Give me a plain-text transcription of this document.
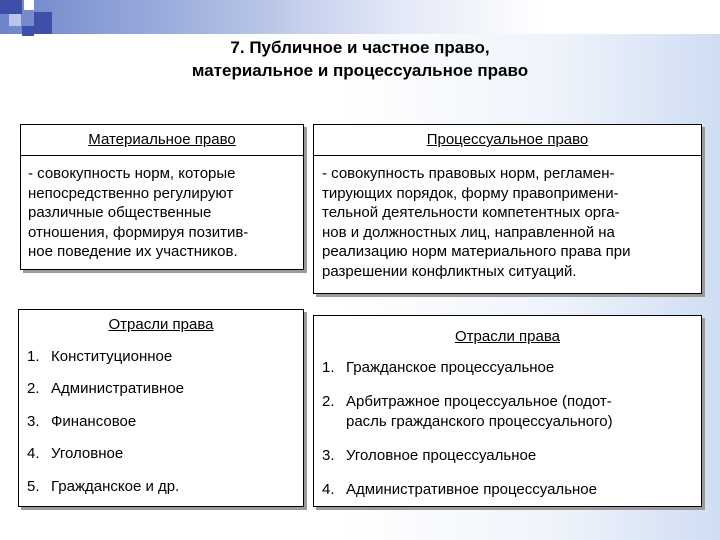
7. Публичное и частное право,
материальное и процессуальное право
Материальное право
- совокупность норм, которые
непосредственно регулируют
различные общественные
отношения, формируя позитив-
ное поведение их участников.
Процессуальное право
- совокупность правовых норм, регламен-
тирующих порядок, форму правопримени-
тельной деятельности компетентных орга-
нов и должностных лиц, направленной на
реализацию норм материального права при
разрешении конфликтных ситуаций.
Отрасли права
1. Конституционное
2. Административное
3. Финансовое
4. Уголовное
5. Гражданское и др.
Отрасли права
1. Гражданское процессуальное
2. Арбитражное процессуальное (подот-
расль гражданского процессуального)
3. Уголовное процессуальное
4. Административное процессуальное
